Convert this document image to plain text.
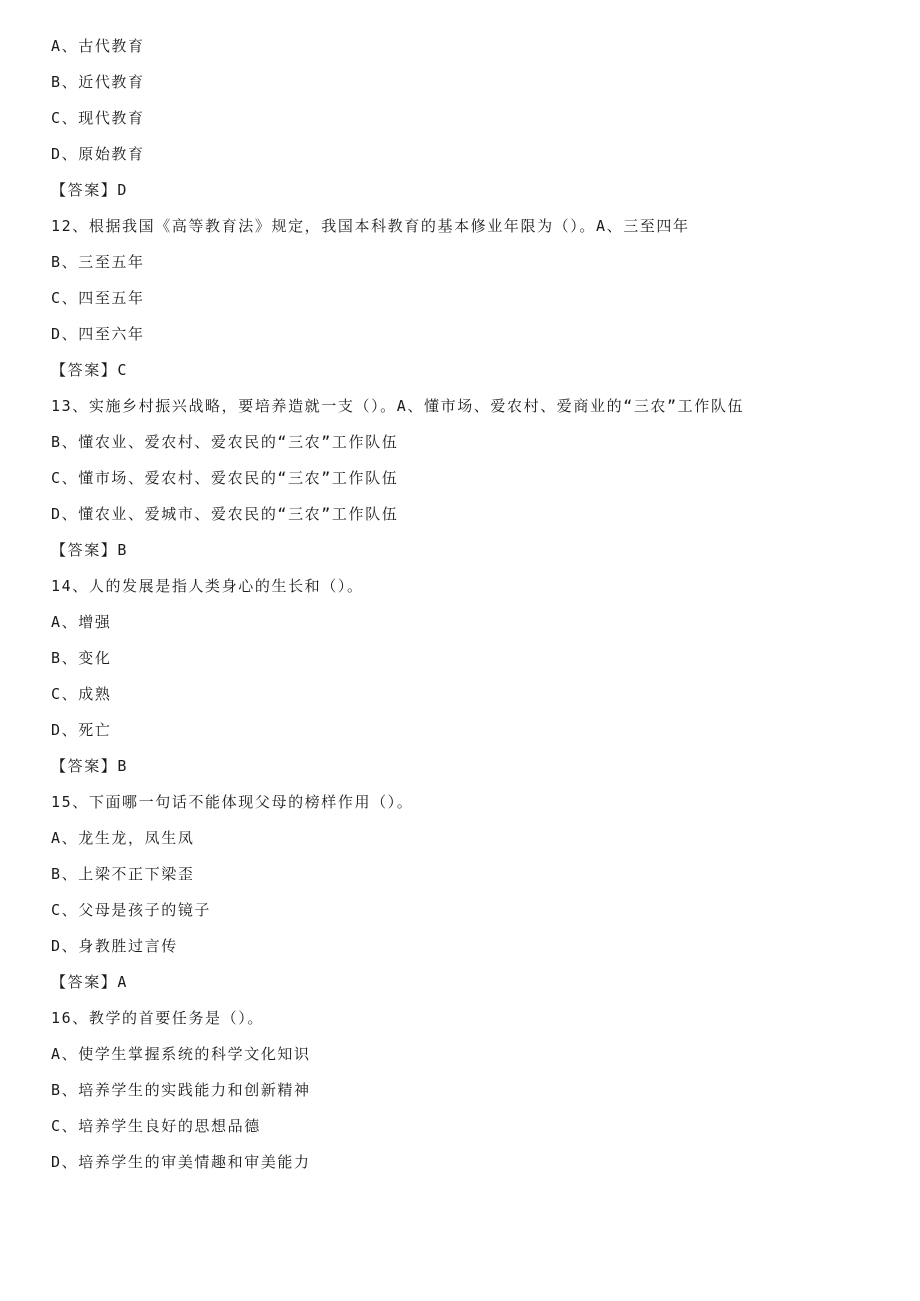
A、古代教育
B、近代教育
C、现代教育
D、原始教育
【答案】D
12、根据我国《高等教育法》规定，我国本科教育的基本修业年限为（）。A、三至四年
B、三至五年
C、四至五年
D、四至六年
【答案】C
13、实施乡村振兴战略，要培养造就一支（）。A、懂市场、爱农村、爱商业的“三农”工作队伍
B、懂农业、爱农村、爱农民的“三农”工作队伍
C、懂市场、爱农村、爱农民的“三农”工作队伍
D、懂农业、爱城市、爱农民的“三农”工作队伍
【答案】B
14、人的发展是指人类身心的生长和（）。
A、增强
B、变化
C、成熟
D、死亡
【答案】B
15、下面哪一句话不能体现父母的榜样作用（）。
A、龙生龙，凤生凤
B、上梁不正下梁歪
C、父母是孩子的镜子
D、身教胜过言传
【答案】A
16、教学的首要任务是（）。
A、使学生掌握系统的科学文化知识
B、培养学生的实践能力和创新精神
C、培养学生良好的思想品德
D、培养学生的审美情趣和审美能力
